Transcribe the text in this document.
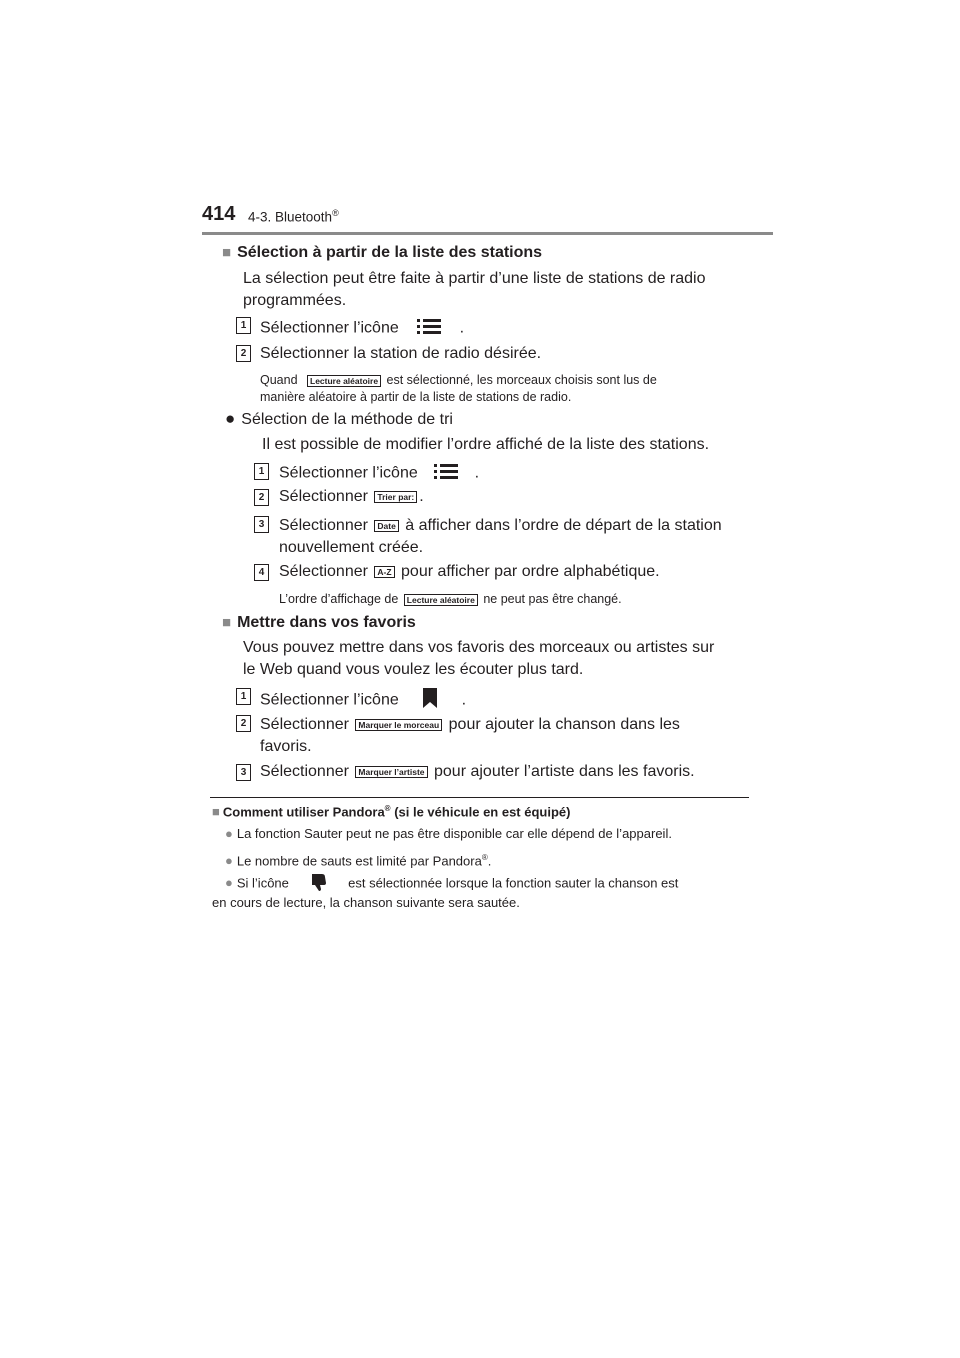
414 4-3. Bluetooth®
■ Sélection à partir de la liste des stations
La sélection peut être faite à partir d’une liste de stations de radio
programmées.
1 Sélectionner l’icône	.
2 Sélectionner la station de radio désirée.
Quand Lecture aléatoire est sélectionné, les morceaux choisis sont lus de
manière aléatoire à partir de la liste de stations de radio.
● Sélection de la méthode de tri
Il est possible de modifier l’ordre affiché de la liste des stations.
1 Sélectionner l’icône	.
2 Sélectionner Trier par: .
3 Sélectionner Date à afficher dans l’ordre de départ de la station
nouvellement créée.
4 Sélectionner A-Z pour afficher par ordre alphabétique.
L’ordre d’affichage de Lecture aléatoire ne peut pas être changé.
■ Mettre dans vos favoris
Vous pouvez mettre dans vos favoris des morceaux ou artistes sur
le Web quand vous voulez les écouter plus tard.
1 Sélectionner l’icône	.
2 Sélectionner Marquer le morceau pour ajouter la chanson dans les
favoris.
3 Sélectionner Marquer l’artiste pour ajouter l’artiste dans les favoris.
■ Comment utiliser Pandora® (si le véhicule en est équipé)
● La fonction Sauter peut ne pas être disponible car elle dépend de l’appareil.
● Le nombre de sauts est limité par Pandora®.
● Si l’icône	est sélectionnée lorsque la fonction sauter la chanson est
en cours de lecture, la chanson suivante sera sautée.
